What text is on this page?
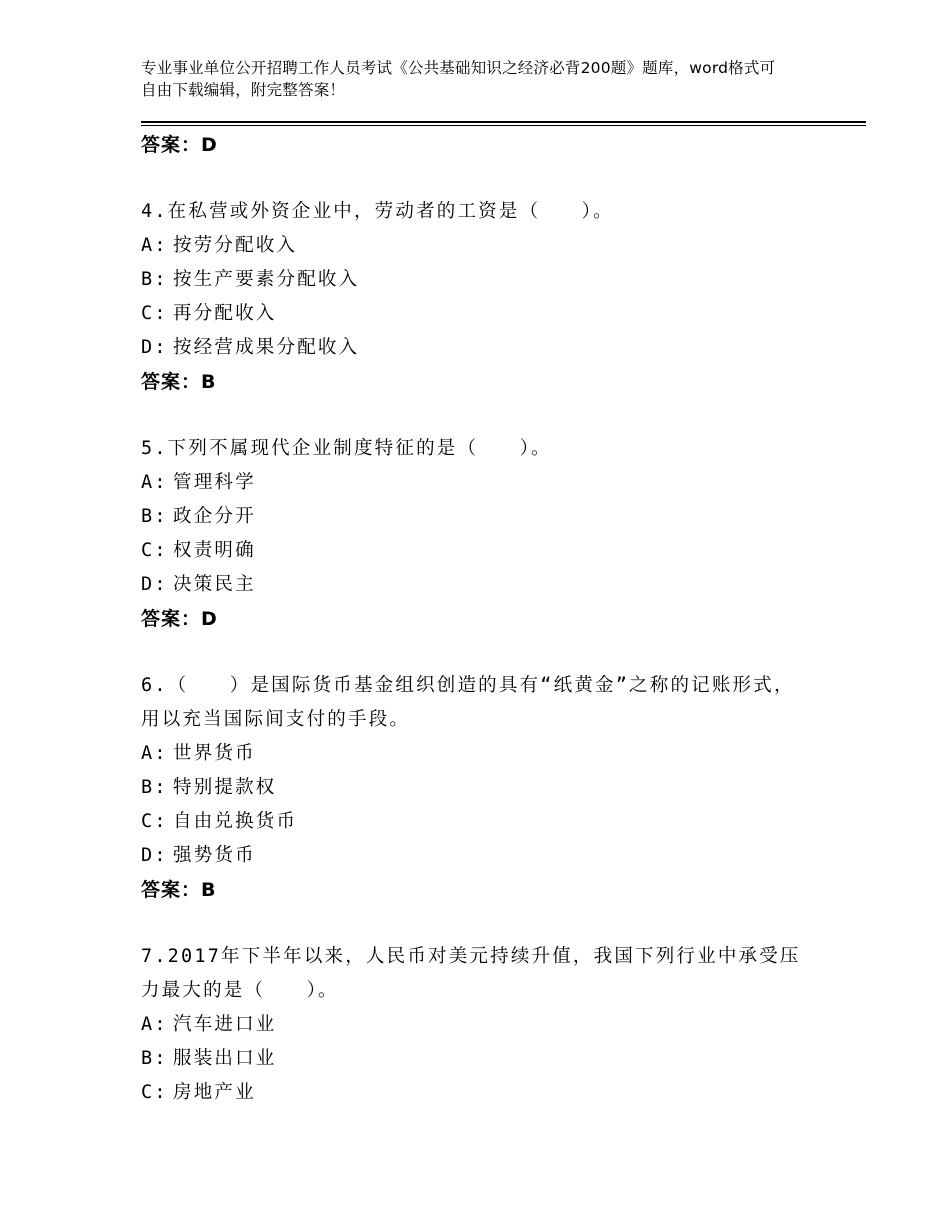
专业事业单位公开招聘工作人员考试《公共基础知识之经济必背200题》题库，word格式可自由下载编辑，附完整答案！

答案：D

4.在私营或外资企业中，劳动者的工资是（　　）。

A: 按劳分配收入

B: 按生产要素分配收入

C: 再分配收入

D: 按经营成果分配收入

答案：B

5.下列不属现代企业制度特征的是（　　）。

A: 管理科学

B: 政企分开

C: 权责明确

D: 决策民主

答案：D

6.（　　）是国际货币基金组织创造的具有“纸黄金”之称的记账形式，用以充当国际间支付的手段。

A: 世界货币

B: 特别提款权

C: 自由兑换货币

D: 强势货币

答案：B

7.2017年下半年以来，人民币对美元持续升值，我国下列行业中承受压力最大的是（　　）。

A: 汽车进口业

B: 服装出口业

C: 房地产业
